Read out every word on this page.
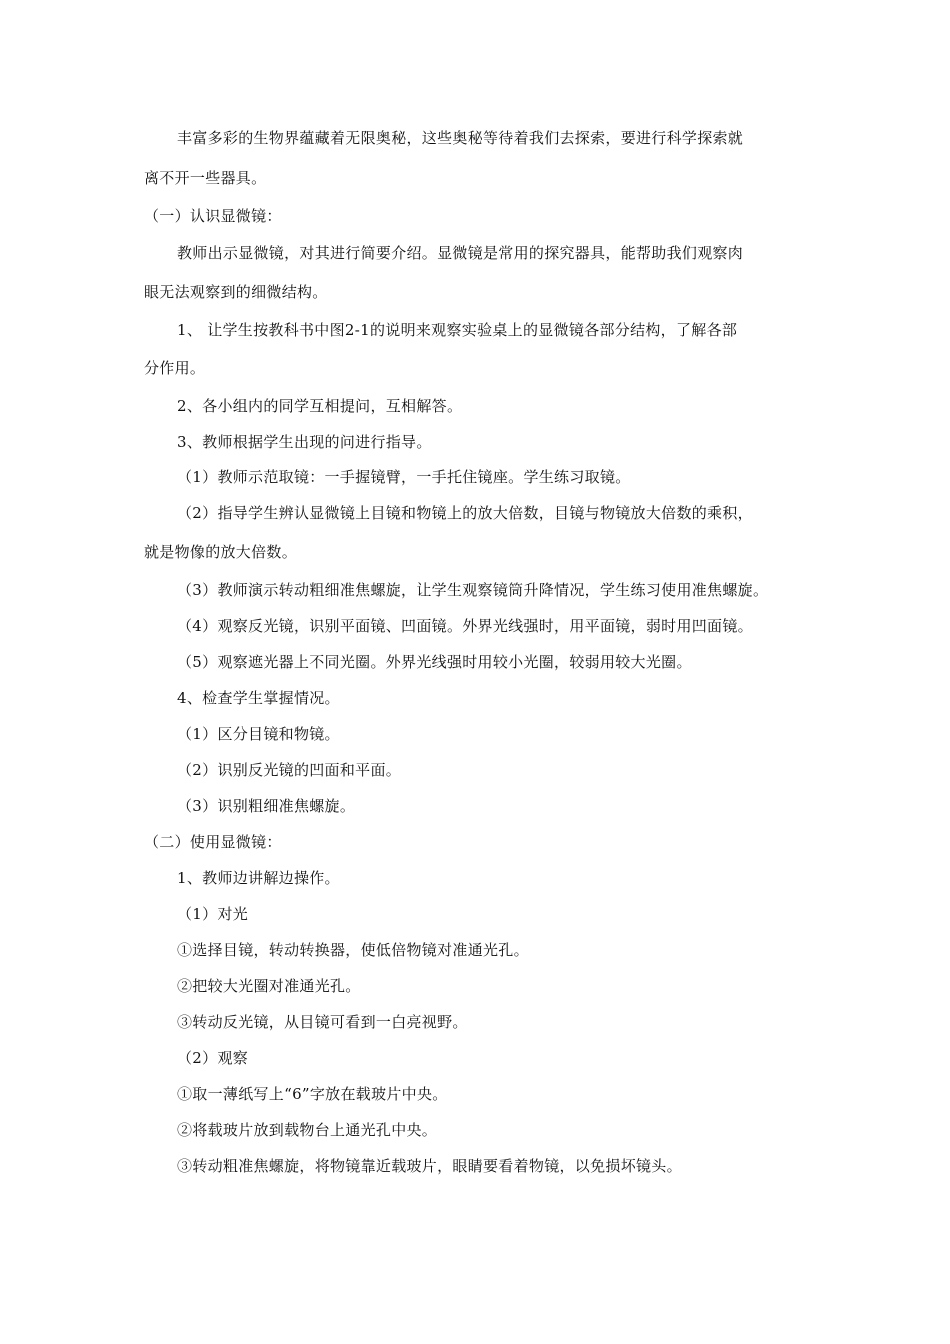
丰富多彩的生物界蕴藏着无限奥秘，这些奥秘等待着我们去探索，要进行科学探索就
离不开一些器具。
（一）认识显微镜：
教师出示显微镜，对其进行简要介绍。显微镜是常用的探究器具，能帮助我们观察肉
眼无法观察到的细微结构。
1、 让学生按教科书中图2-1的说明来观察实验桌上的显微镜各部分结构，了解各部
分作用。
2、各小组内的同学互相提问，互相解答。
3、教师根据学生出现的问进行指导。
（1）教师示范取镜：一手握镜臂，一手托住镜座。学生练习取镜。
（2）指导学生辨认显微镜上目镜和物镜上的放大倍数，目镜与物镜放大倍数的乘积，
就是物像的放大倍数。
（3）教师演示转动粗细准焦螺旋，让学生观察镜筒升降情况，学生练习使用准焦螺旋。
（4）观察反光镜，识别平面镜、凹面镜。外界光线强时，用平面镜，弱时用凹面镜。
（5）观察遮光器上不同光圈。外界光线强时用较小光圈，较弱用较大光圈。
4、检查学生掌握情况。
（1）区分目镜和物镜。
（2）识别反光镜的凹面和平面。
（3）识别粗细准焦螺旋。
（二）使用显微镜：
1、教师边讲解边操作。
（1）对光
①选择目镜，转动转换器，使低倍物镜对准通光孔。
②把较大光圈对准通光孔。
③转动反光镜，从目镜可看到一白亮视野。
（2）观察
①取一薄纸写上“6”字放在载玻片中央。
②将载玻片放到载物台上通光孔中央。
③转动粗准焦螺旋，将物镜靠近载玻片，眼睛要看着物镜，以免损坏镜头。
